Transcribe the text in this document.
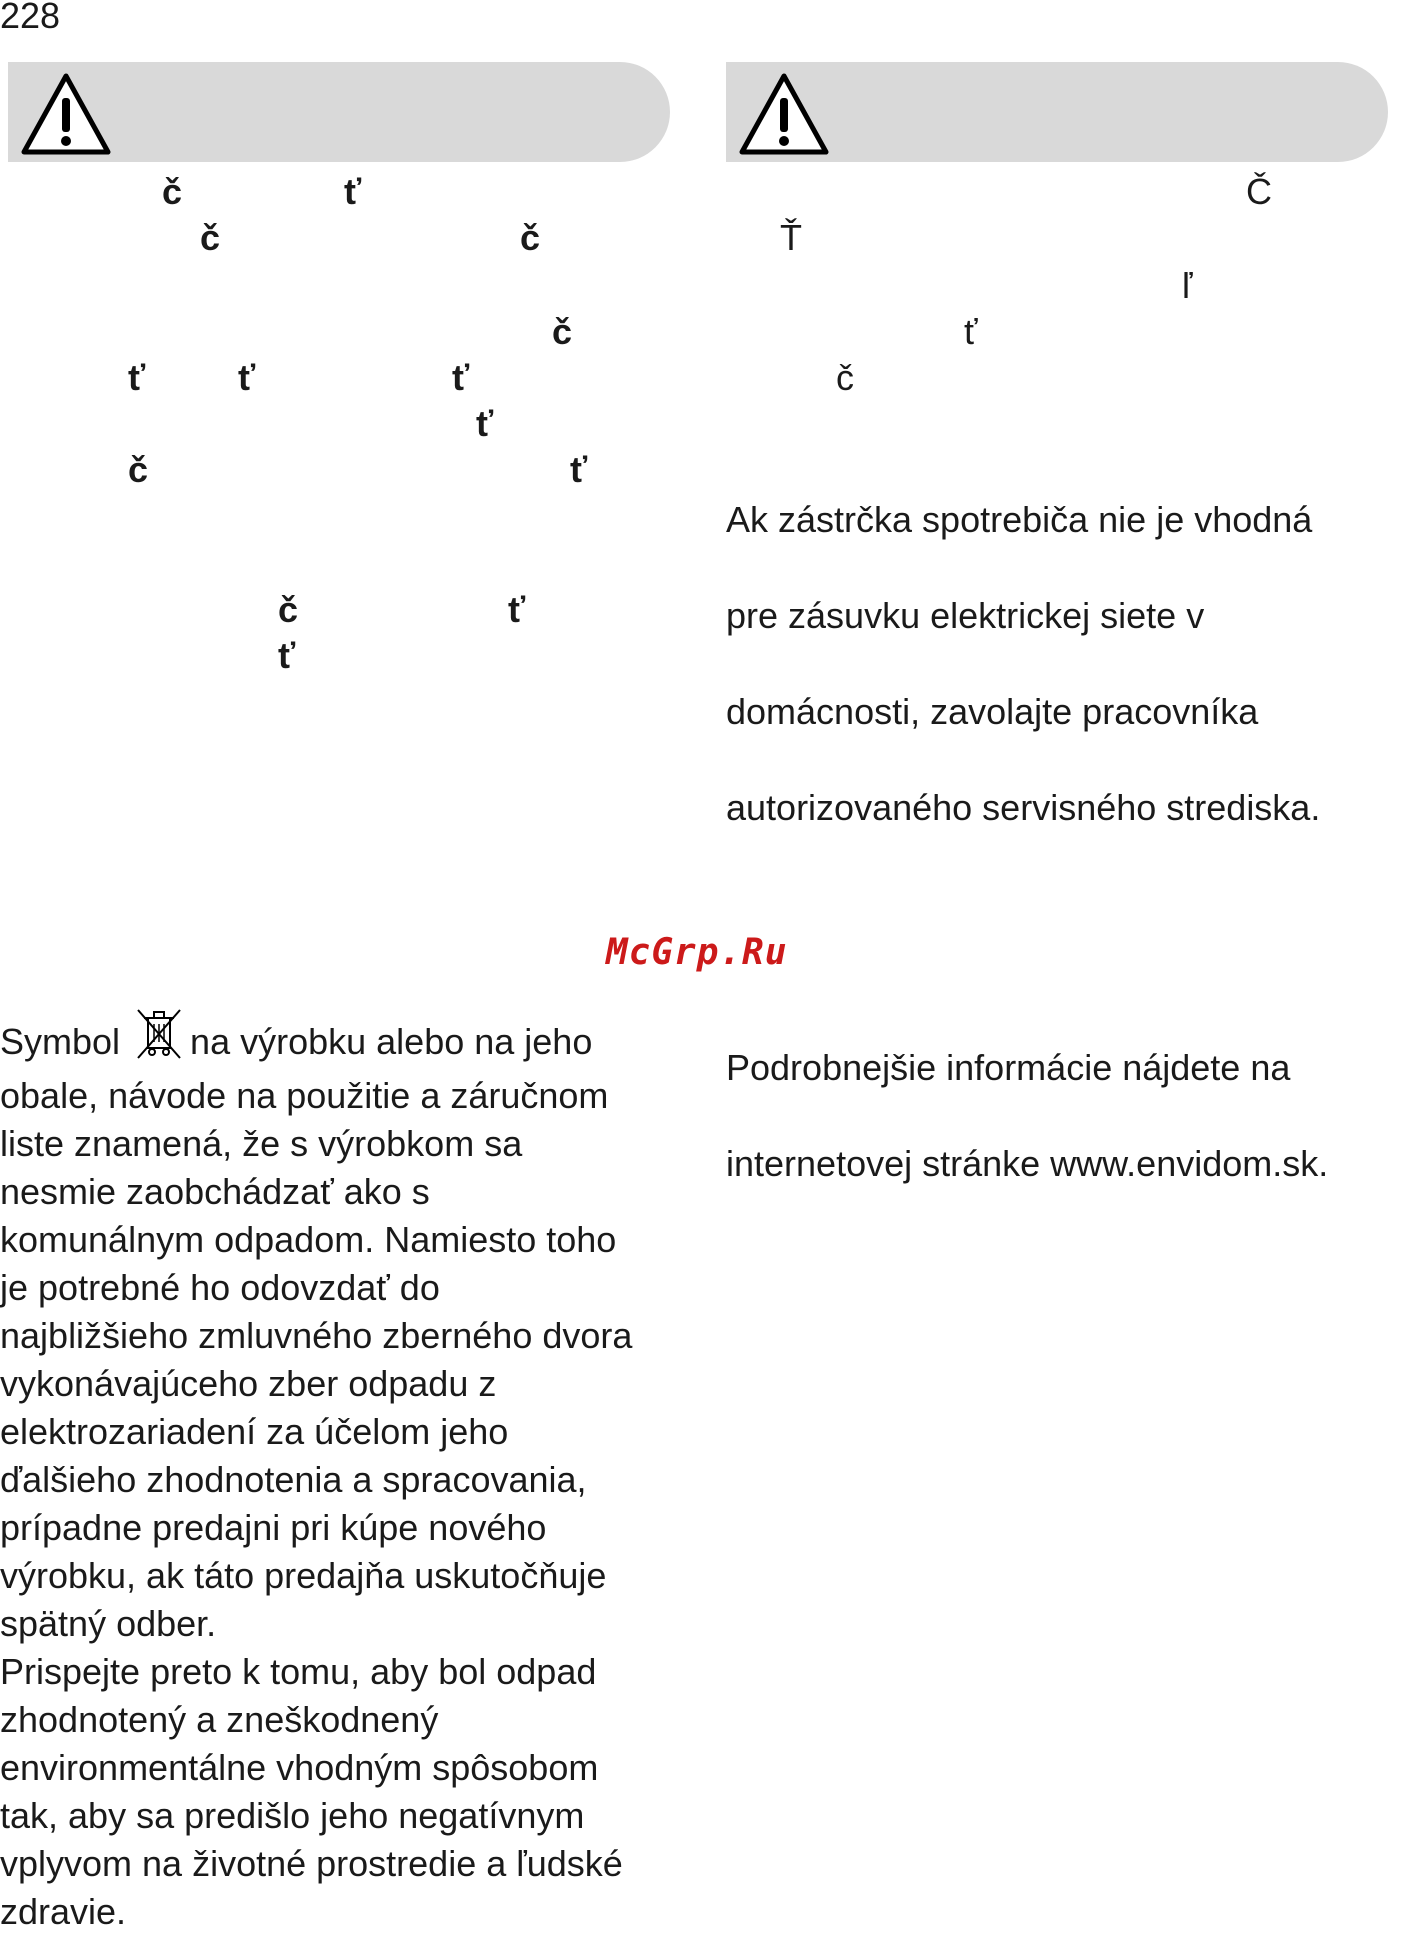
228
č	ť
č	č
č
ť	ť	ť
ť
č	ť
č	ť
ť
Č
Ť
ľ
ť
č

Ak zástrčka spotrebiča nie je vhodná

pre zásuvku elektrickej siete v

domácnosti, zavolajte pracovníka

autorizovaného servisného strediska.

McGrp.Ru
Symbol na výrobku alebo na jeho
obale, návode na použitie a záručnom
liste znamená, že s výrobkom sa
nesmie zaobchádzať ako s
komunálnym odpadom. Namiesto toho
je potrebné ho odovzdať do
najbližšieho zmluvného zberného dvora
vykonávajúceho zber odpadu z
elektrozariadení za účelom jeho
ďalšieho zhodnotenia a spracovania,
prípadne predajni pri kúpe nového
výrobku, ak táto predajňa uskutočňuje
spätný odber.
Prispejte preto k tomu, aby bol odpad
zhodnotený a zneškodnený
environmentálne vhodným spôsobom
tak, aby sa predišlo jeho negatívnym
vplyvom na životné prostredie a ľudské
zdravie.

Podrobnejšie informácie nájdete na

internetovej stránke www.envidom.sk.
